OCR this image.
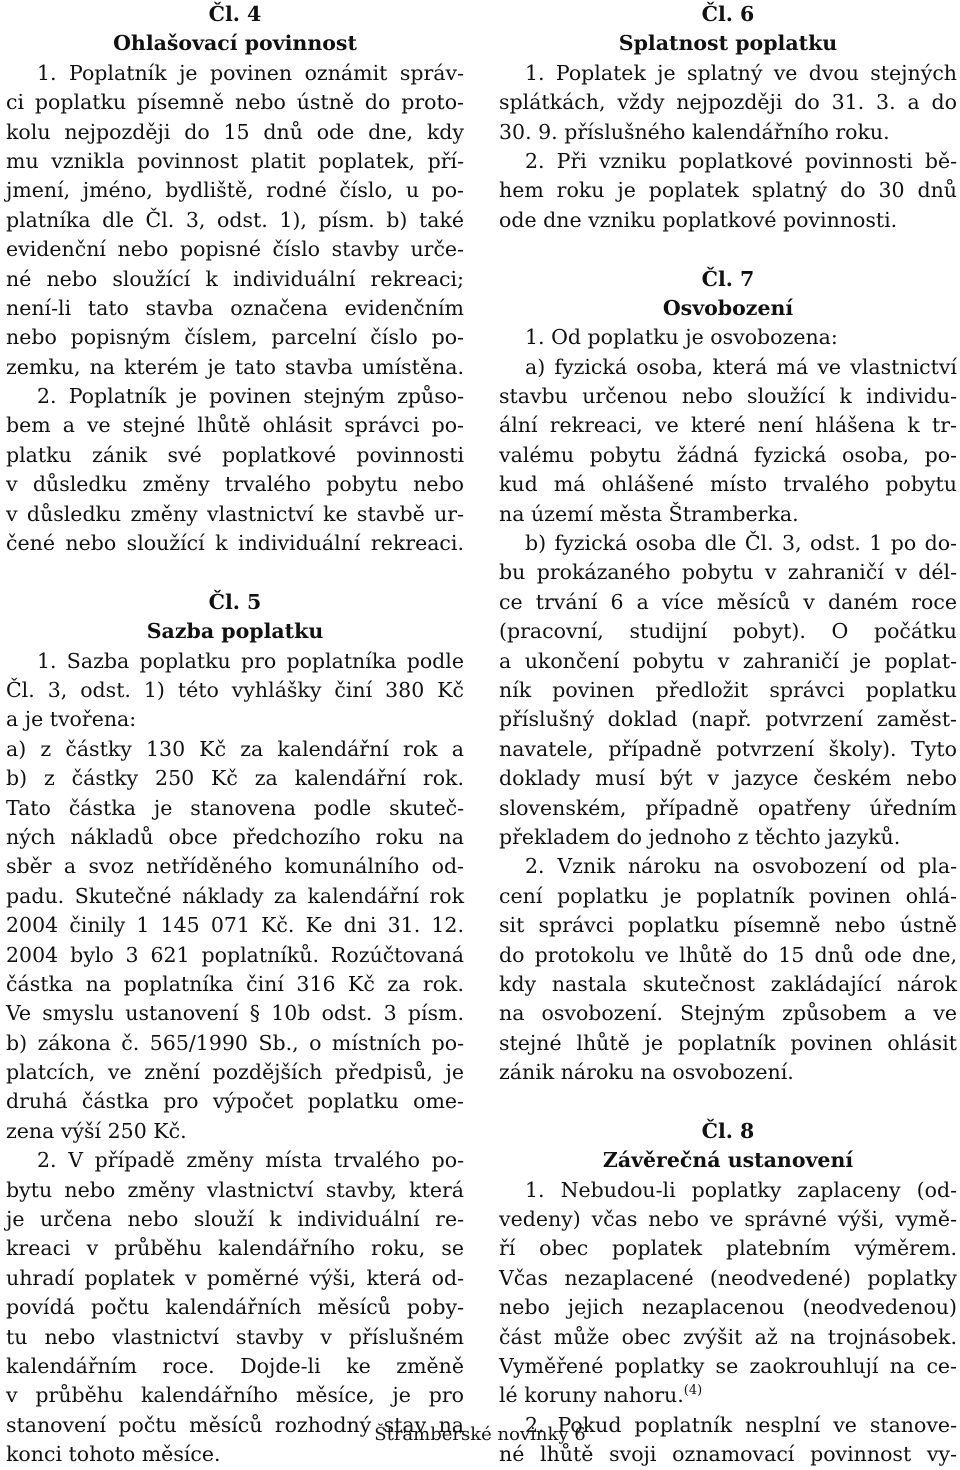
Čl. 4
Ohlašovací povinnost
1. Poplatník je povinen oznámit správ-
ci poplatku písemně nebo ústně do proto-
kolu nejpozději do 15 dnů ode dne, kdy
mu vznikla povinnost platit poplatek, pří-
jmení, jméno, bydliště, rodné číslo, u po-
platníka dle Čl. 3, odst. 1), písm. b) také
evidenční nebo popisné číslo stavby urče-
né nebo sloužící k individuální rekreaci;
není-li tato stavba označena evidenčním
nebo popisným číslem, parcelní číslo po-
zemku, na kterém je tato stavba umístěna.
2. Poplatník je povinen stejným způso-
bem a ve stejné lhůtě ohlásit správci po-
platku zánik své poplatkové povinnosti
v důsledku změny trvalého pobytu nebo
v důsledku změny vlastnictví ke stavbě ur-
čené nebo sloužící k individuální rekreaci.
Čl. 5
Sazba poplatku
1. Sazba poplatku pro poplatníka podle
Čl. 3, odst. 1) této vyhlášky činí 380 Kč
a je tvořena:
a) z částky 130 Kč za kalendářní rok a
b) z částky 250 Kč za kalendářní rok.
Tato částka je stanovena podle skuteč-
ných nákladů obce předchozího roku na
sběr a svoz netříděného komunálního od-
padu. Skutečné náklady za kalendářní rok
2004 činily 1 145 071 Kč. Ke dni 31. 12.
2004 bylo 3 621 poplatníků. Rozúčtovaná
částka na poplatníka činí 316 Kč za rok.
Ve smyslu ustanovení § 10b odst. 3 písm.
b) zákona č. 565/1990 Sb., o místních po-
platcích, ve znění pozdějších předpisů, je
druhá částka pro výpočet poplatku ome-
zena výší 250 Kč.
2. V případě změny místa trvalého po-
bytu nebo změny vlastnictví stavby, která
je určena nebo slouží k individuální re-
kreaci v průběhu kalendářního roku, se
uhradí poplatek v poměrné výši, která od-
povídá počtu kalendářních měsíců poby-
tu nebo vlastnictví stavby v příslušném
kalendářním roce. Dojde-li ke změně
v průběhu kalendářního měsíce, je pro
stanovení počtu měsíců rozhodný stav na
konci tohoto měsíce.
Čl. 6
Splatnost poplatku
1. Poplatek je splatný ve dvou stejných
splátkách, vždy nejpozději do 31. 3. a do
30. 9. příslušného kalendářního roku.
2. Při vzniku poplatkové povinnosti bě-
hem roku je poplatek splatný do 30 dnů
ode dne vzniku poplatkové povinnosti.
Čl. 7
Osvobození
1. Od poplatku je osvobozena:
a) fyzická osoba, která má ve vlastnictví
stavbu určenou nebo sloužící k individu-
ální rekreaci, ve které není hlášena k tr-
valému pobytu žádná fyzická osoba, po-
kud má ohlášené místo trvalého pobytu
na území města Štramberka.
b) fyzická osoba dle Čl. 3, odst. 1 po do-
bu prokázaného pobytu v zahraničí v dél-
ce trvání 6 a více měsíců v daném roce
(pracovní, studijní pobyt). O počátku
a ukončení pobytu v zahraničí je poplat-
ník povinen předložit správci poplatku
příslušný doklad (např. potvrzení zaměst-
navatele, případně potvrzení školy). Tyto
doklady musí být v jazyce českém nebo
slovenském, případně opatřeny úředním
překladem do jednoho z těchto jazyků.
2. Vznik nároku na osvobození od pla-
cení poplatku je poplatník povinen ohlá-
sit správci poplatku písemně nebo ústně
do protokolu ve lhůtě do 15 dnů ode dne,
kdy nastala skutečnost zakládající nárok
na osvobození. Stejným způsobem a ve
stejné lhůtě je poplatník povinen ohlásit
zánik nároku na osvobození.
Čl. 8
Závěrečná ustanovení
1. Nebudou-li poplatky zaplaceny (od-
vedeny) včas nebo ve správné výši, vymě-
ří obec poplatek platebním výměrem.
Včas nezaplacené (neodvedené) poplatky
nebo jejich nezaplacenou (neodvedenou)
část může obec zvýšit až na trojnásobek.
Vyměřené poplatky se zaokrouhlují na ce-
lé koruny nahoru.$^{(4)}$
2. Pokud poplatník nesplní ve stanove-
né lhůtě svoji oznamovací povinnost vy-
Štramberské novinky 6
